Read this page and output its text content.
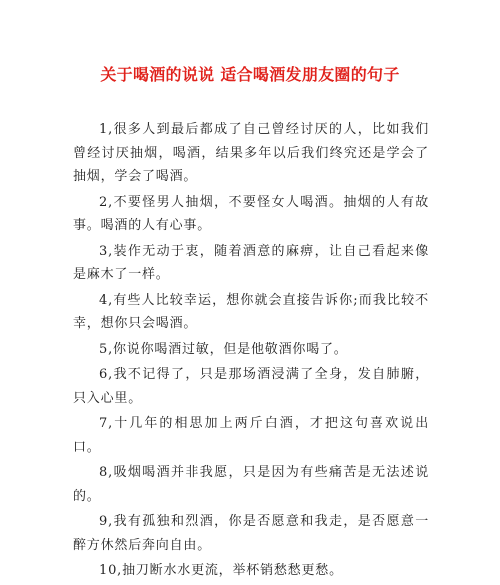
关于喝酒的说说 适合喝酒发朋友圈的句子

1,很多人到最后都成了自己曾经讨厌的人，比如我们曾经讨厌抽烟，喝酒，结果多年以后我们终究还是学会了抽烟，学会了喝酒。

2,不要怪男人抽烟，不要怪女人喝酒。抽烟的人有故事。喝酒的人有心事。

3,装作无动于衷，随着酒意的麻痹，让自己看起来像是麻木了一样。

4,有些人比较幸运，想你就会直接告诉你;而我比较不幸，想你只会喝酒。

5,你说你喝酒过敏，但是他敬酒你喝了。

6,我不记得了，只是那场酒浸满了全身，发自肺腑，只入心里。

7,十几年的相思加上两斤白酒，才把这句喜欢说出口。

8,吸烟喝酒并非我愿，只是因为有些痛苦是无法述说的。

9,我有孤独和烈酒，你是否愿意和我走，是否愿意一醉方休然后奔向自由。

10,抽刀断水水更流，举杯销愁愁更愁。
